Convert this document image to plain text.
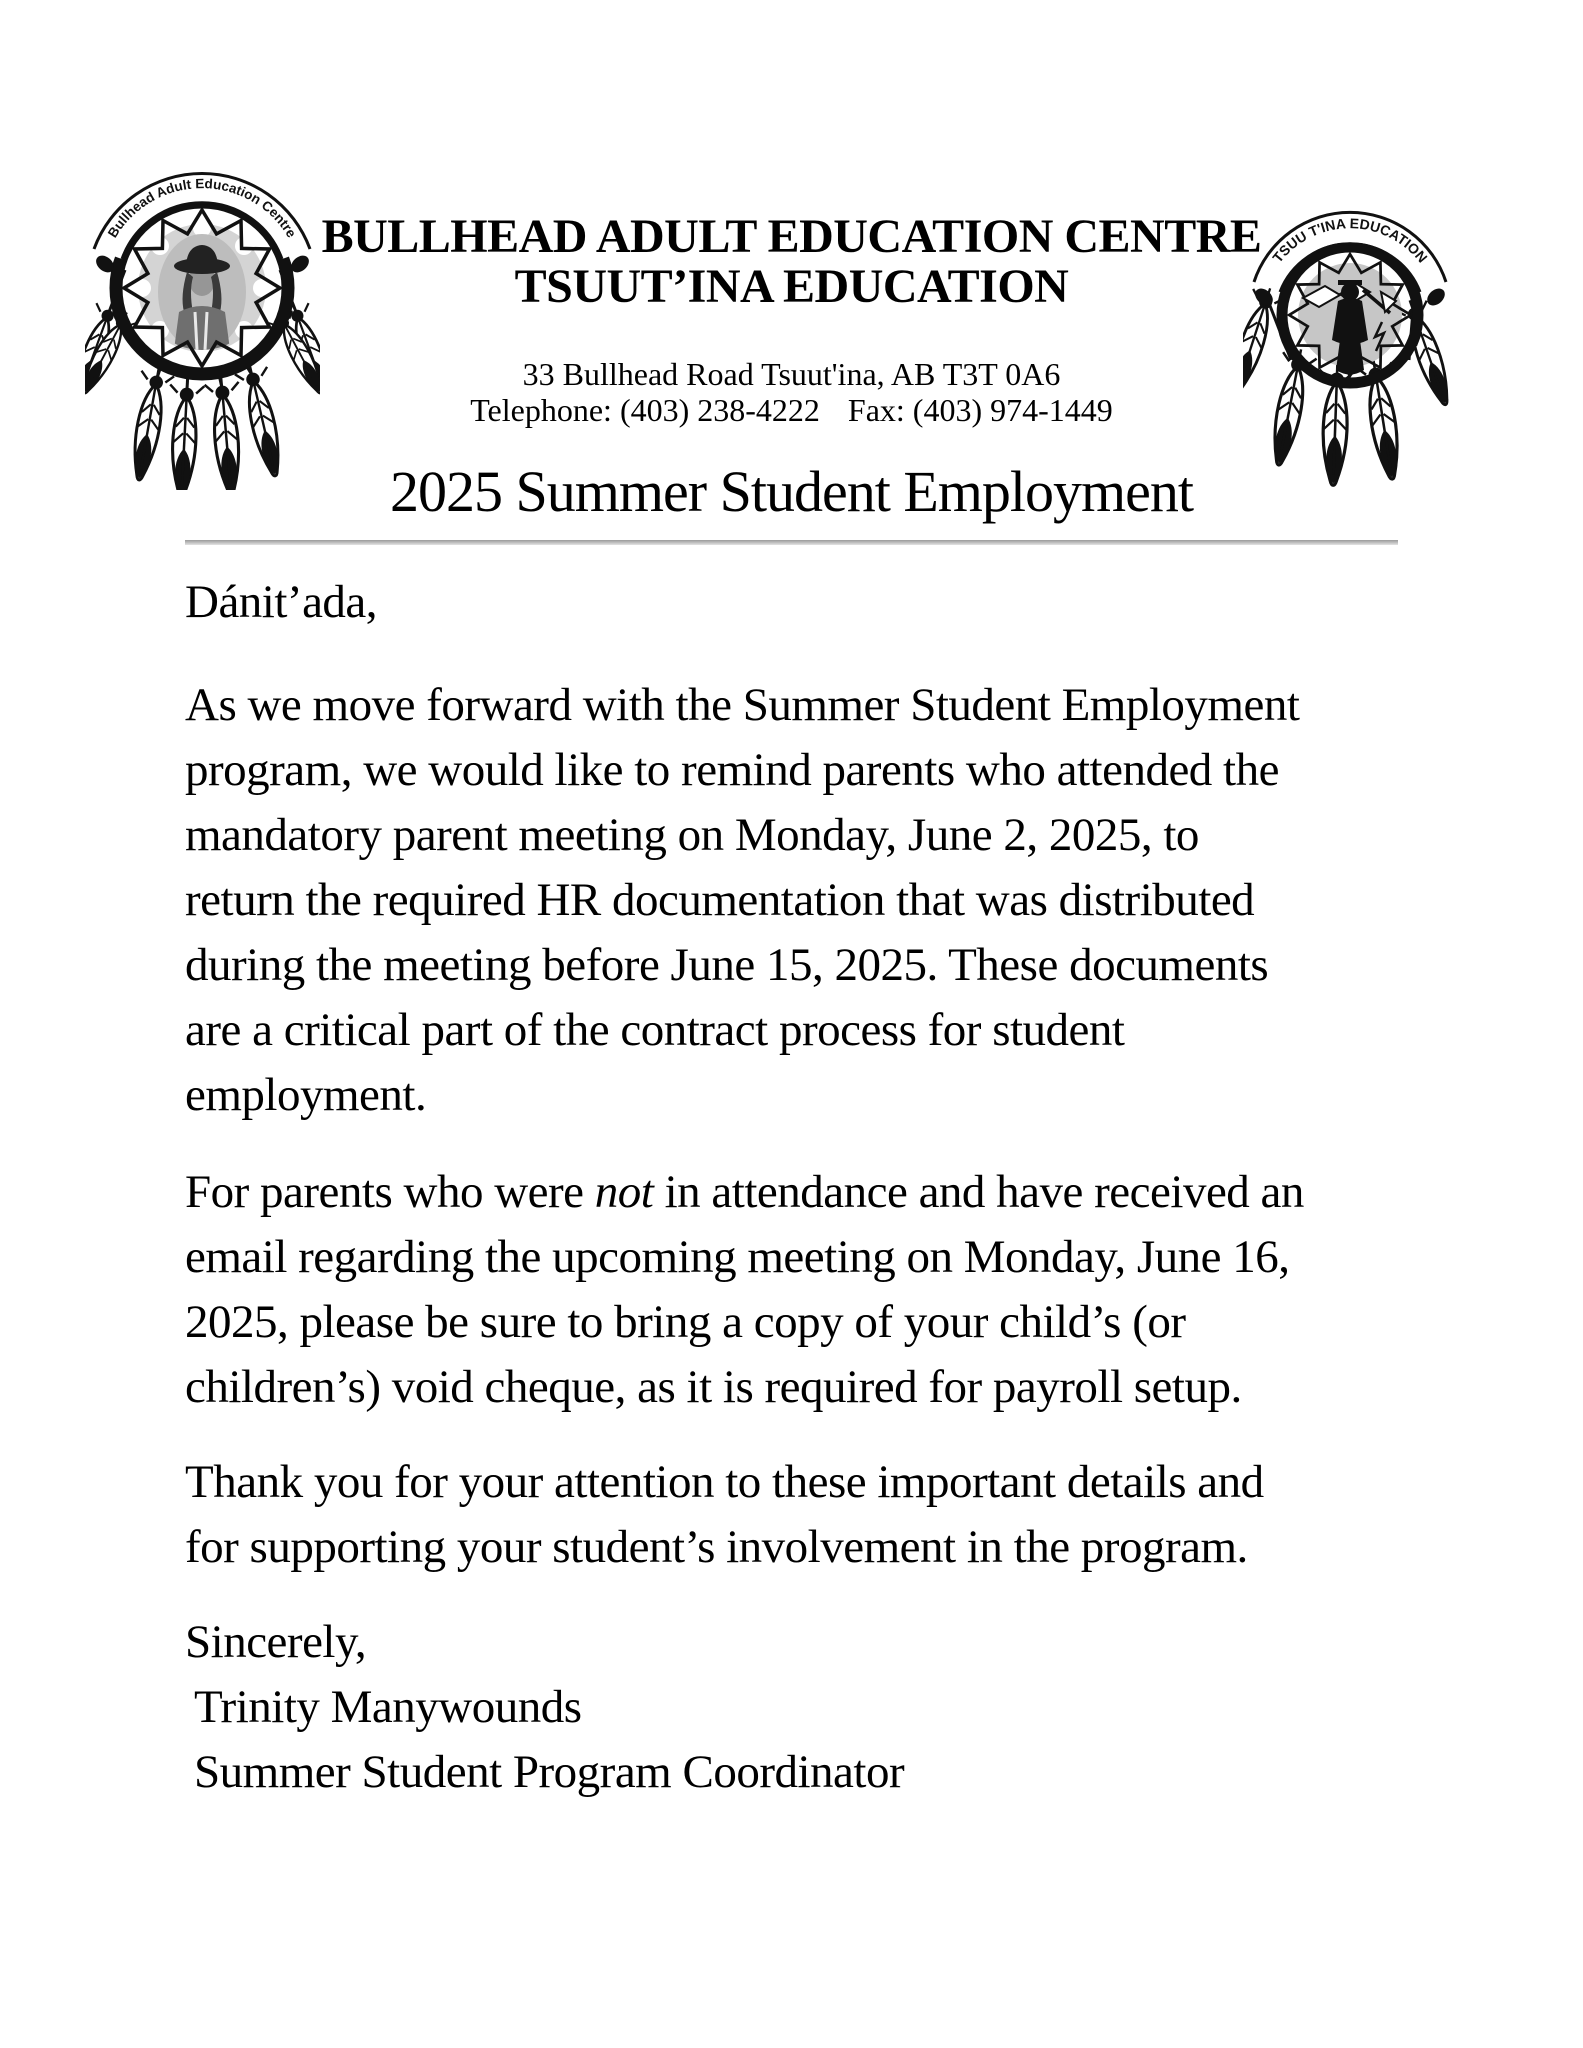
Bullhead Adult Education Centre
TSUU T'INA EDUCATION
BULLHEAD ADULT EDUCATION CENTRE
TSUUT’INA EDUCATION
33 Bullhead Road Tsuut'ina, AB T3T 0A6
Telephone: (403) 238-4222 Fax: (403) 974-1449
2025 Summer Student Employment
Dánit’ada,
As we move forward with the Summer Student Employment
program, we would like to remind parents who attended the
mandatory parent meeting on Monday, June 2, 2025, to
return the required HR documentation that was distributed
during the meeting before June 15, 2025. These documents
are a critical part of the contract process for student
employment.
For parents who were not in attendance and have received an
email regarding the upcoming meeting on Monday, June 16,
2025, please be sure to bring a copy of your child’s (or
children’s) void cheque, as it is required for payroll setup.
Thank you for your attention to these important details and
for supporting your student’s involvement in the program.
Sincerely,
Trinity Manywounds
Summer Student Program Coordinator
